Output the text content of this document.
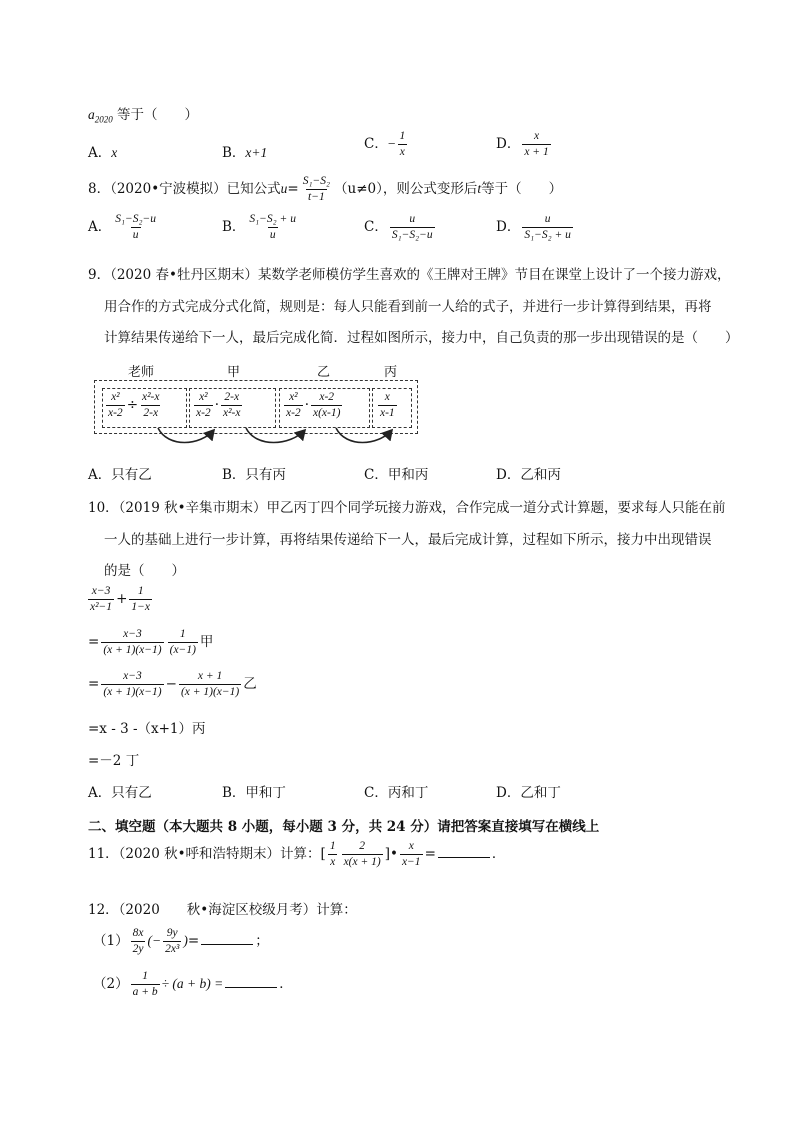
$a_{2020}$ 等于（　　）
A．x	B．x+1
C．− $\frac{1}{x}$	D． $\frac{x}{x + 1}$
8．（2020•宁波模拟）已知公式$u= \frac{\text{S₁−S₂}}{t-1} (u\ne 0)$，则公式变形后t等于（　　）
A． $\frac{\text{S₁−S₂−u}}{u}$	B． $\frac{\text{S₁−S₂ + u}}{u}$	C． $\frac{u}{\text{S₁−S₂−u}}$	D． $\frac{u}{\text{S₁−S₂ + u}}$
9．（2020 春•牡丹区期末）某数学老师模仿学生喜欢的《王牌对王牌》节目在课堂上设计了一个接力游戏，
用合作的方式完成分式化简，规则是：每人只能看到前一人给的式子，并进行一步计算得到结果，再将
计算结果传递给下一人，最后完成化简．过程如图所示，接力中，自己负责的那一步出现错误的是（　　）
老师	甲	乙	丙
$\frac{\text{x²}}{x-2} \div \frac{\text{x²-x}}{2-x}$	$\frac{\text{x²}}{x-2} \cdot \frac{2-x}{\text{x²-x}}$	$\frac{\text{x²}}{x-2} \cdot \frac{x-2}{x(x-1)}$	$\frac{x}{x-1}$
A．只有乙	B．只有丙	C．甲和丙	D．乙和丙
10．（2019 秋•辛集市期末）甲乙丙丁四个同学玩接力游戏，合作完成一道分式计算题，要求每人只能在前
一人的基础上进行一步计算，再将结果传递给下一人，最后完成计算，过程如下所示，接力中出现错误
的是（　　）
$\frac{x-3}{\text{x²−1}} + \frac{1}{1-x}$
= $\frac{x-3}{(x + 1)(x-1)} \frac{1}{(x-1)}$ 甲
= $\frac{x-3}{(x + 1)(x-1)} - \frac{x + 1}{(x + 1)(x-1)}$ 乙
=x - 3 -（x+1）丙
=－2 丁
A．只有乙	B．甲和丁	C．丙和丁	D．乙和丁
二、填空题（本大题共 8 小题，每小题 3 分，共 24 分）请把答案直接填写在横线上
11．（2020 秋•呼和浩特期末）计算：[ $\frac{1}{x} \frac{2}{x(x + 1)}$ ]• $\frac{x}{x-1}$ =	．
12．（2020　　秋•海淀区校级月考）计算：
$(1) \frac{8x}{2y}$ (− $\frac{9y}{\text{2x³}}$ )=	；
$(2) \frac{1}{a + b} \div (a + b)$ =	．
